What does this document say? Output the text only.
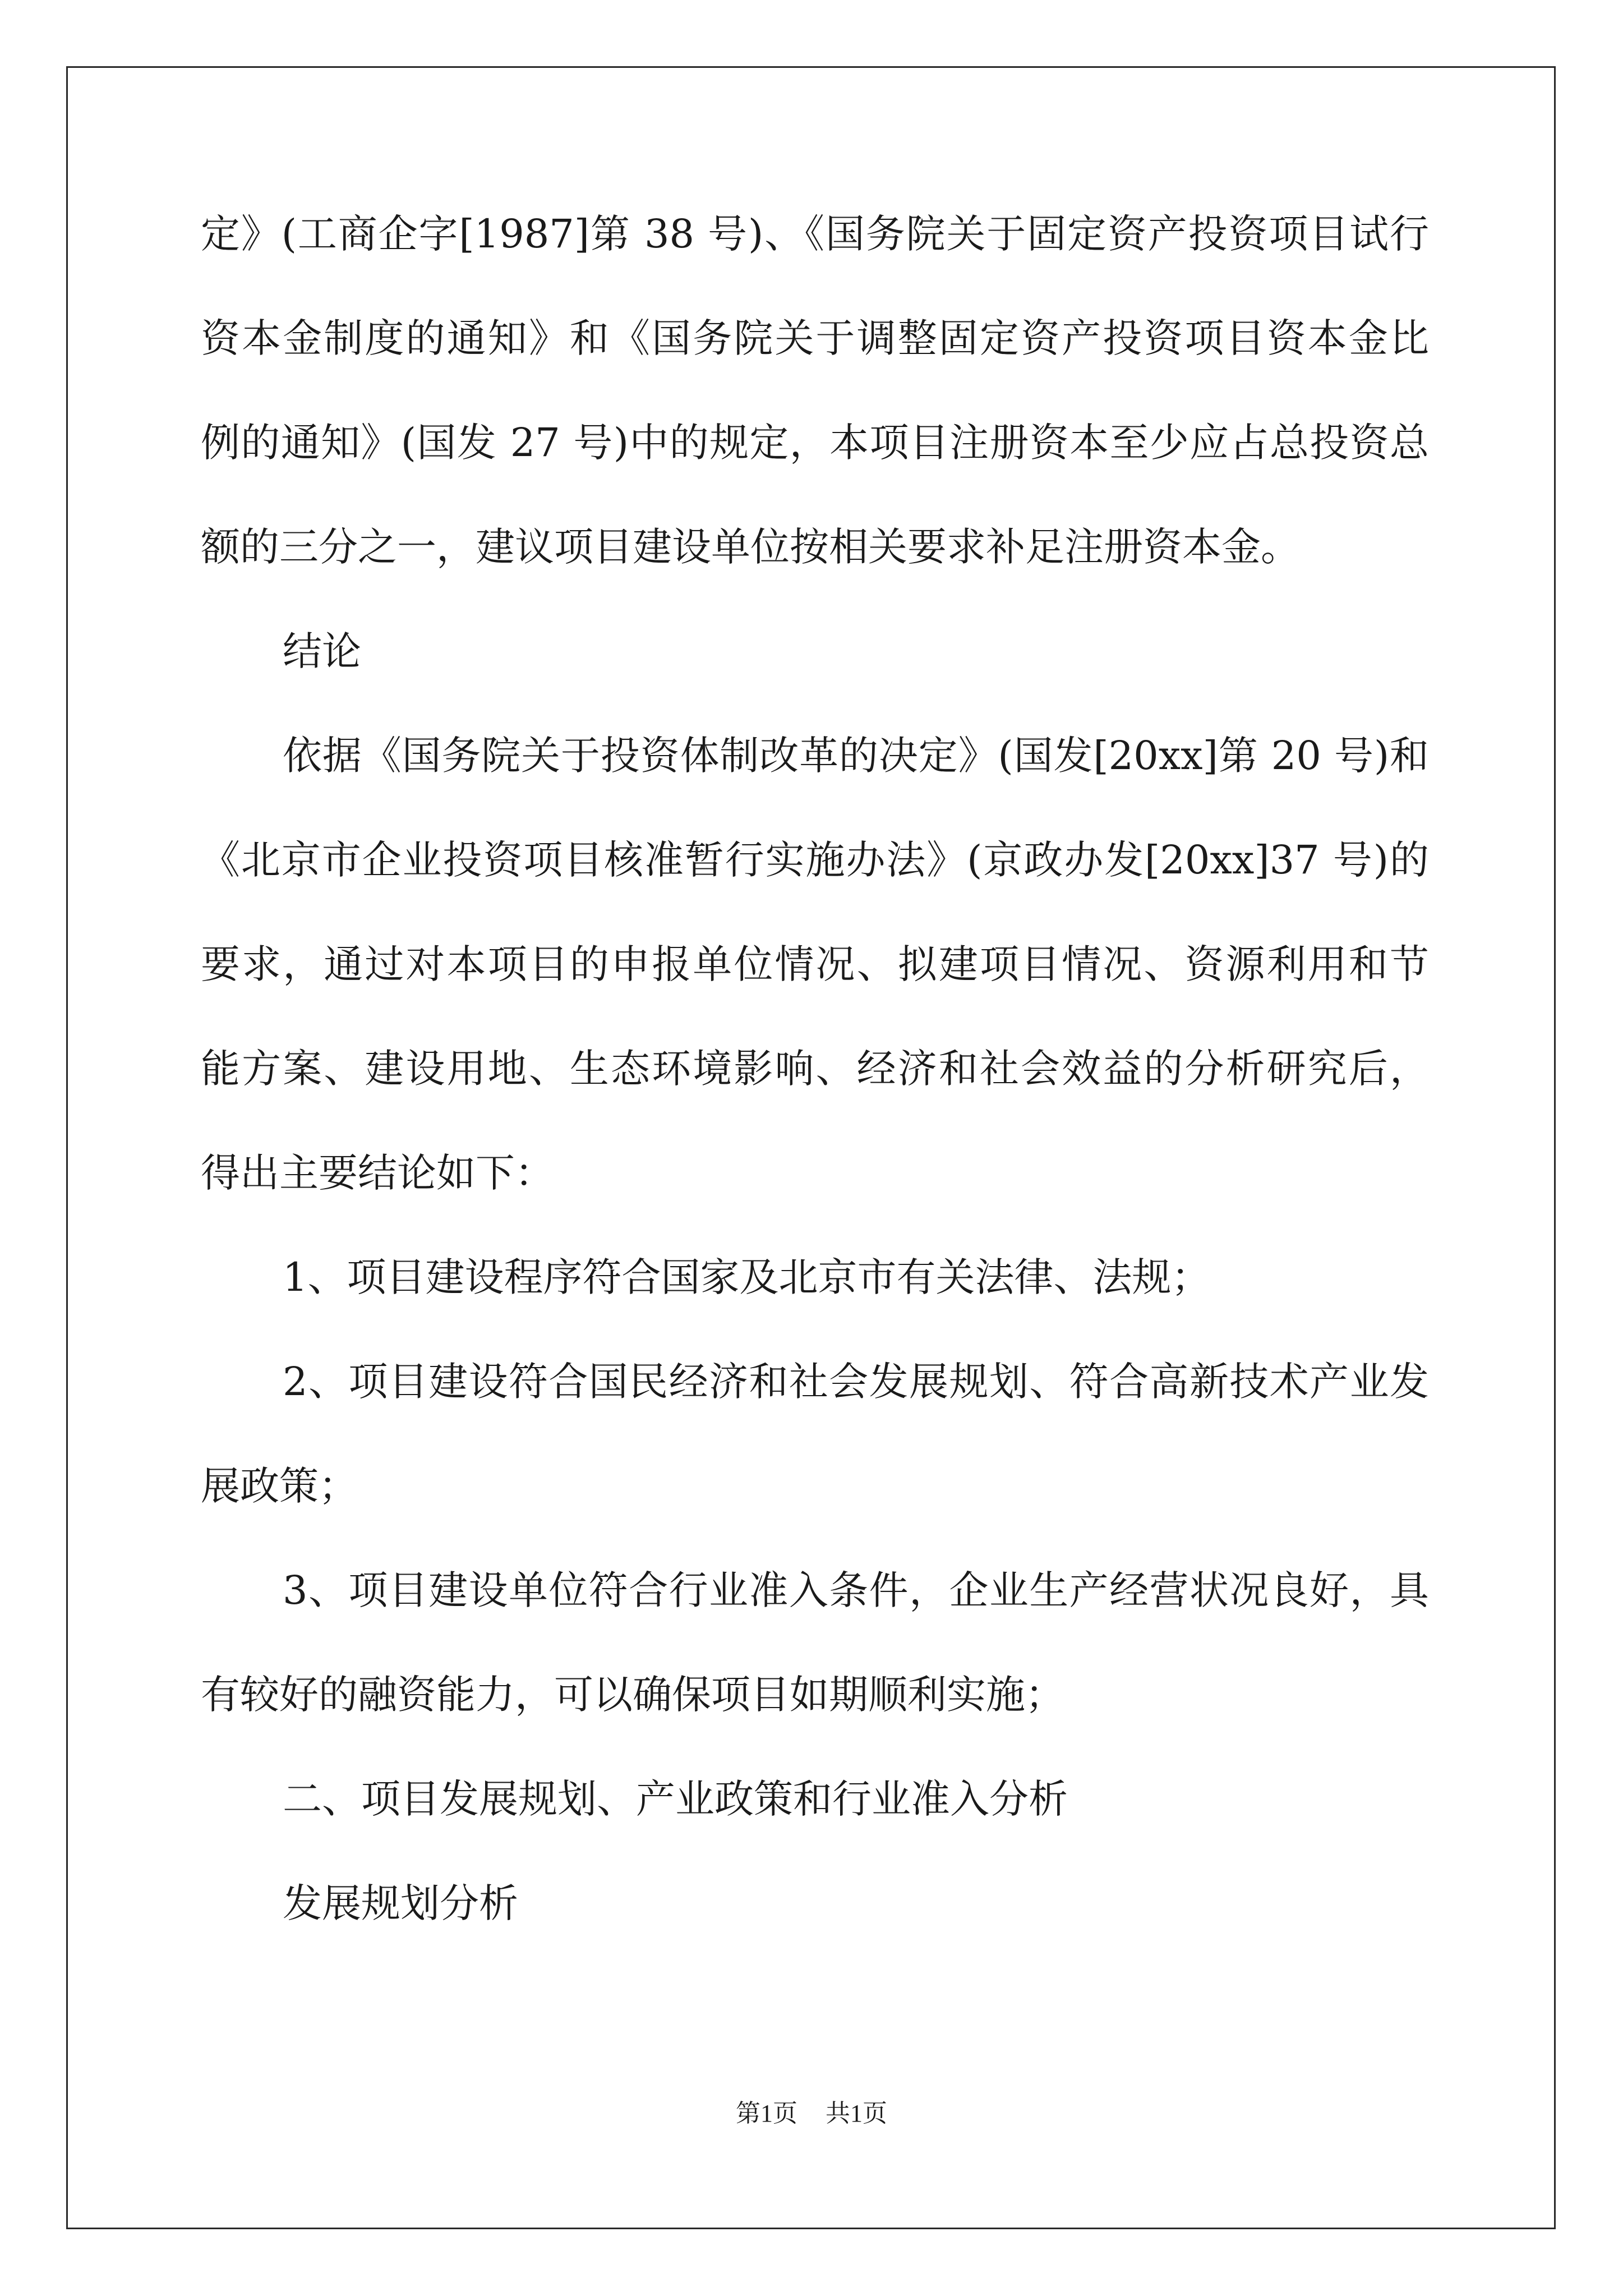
定》(工商企字[1987]第 38 号)、《国务院关于固定资产投资项目试行
资本金制度的通知》和《国务院关于调整固定资产投资项目资本金比
例的通知》(国发 27 号)中的规定，本项目注册资本至少应占总投资总
额的三分之一，建议项目建设单位按相关要求补足注册资本金。
结论
依据《国务院关于投资体制改革的决定》(国发[20xx]第 20 号)和
《北京市企业投资项目核准暂行实施办法》(京政办发[20xx]37 号)的
要求，通过对本项目的申报单位情况、拟建项目情况、资源利用和节
能方案、建设用地、生态环境影响、经济和社会效益的分析研究后，
得出主要结论如下：
1、项目建设程序符合国家及北京市有关法律、法规；
2、项目建设符合国民经济和社会发展规划、符合高新技术产业发
展政策；
3、项目建设单位符合行业准入条件，企业生产经营状况良好，具
有较好的融资能力，可以确保项目如期顺利实施；
二、项目发展规划、产业政策和行业准入分析
发展规划分析
第1页 共1页
